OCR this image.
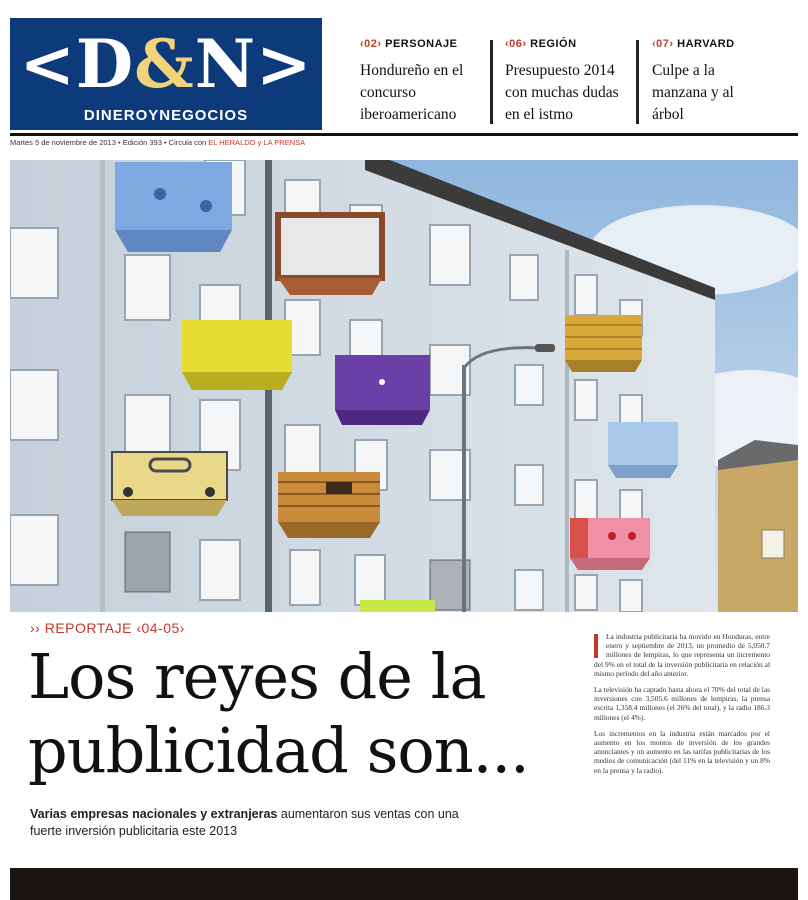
<D&N>
DINEROYNEGOCIOS
‹02› PERSONAJE
Hondureño en el concurso iberoamericano
‹06› REGIÓN
Presupuesto 2014 con muchas dudas en el istmo
‹07› HARVARD
Culpe a la manzana y al árbol
Martes 5 de noviembre de 2013 • Edición 393 • Circula con EL HERALDO y LA PRENSA
›› REPORTAJE ‹04-05›
Los reyes de la
publicidad son...
Varias empresas nacionales y extranjeras aumentaron sus ventas con una fuerte inversión publicitaria este 2013

La industria publicitaria ha movido en Honduras, entre enero y septiembre de 2013, un promedio de 5,050.7 millones de lempiras, lo que representa un incremento del 9% en el total de la inversión publicitaria en relación al mismo período del año anterior.

La televisión ha captado hasta ahora el 70% del total de las inversiones con 3,505.6 millones de lempiras, la prensa escrita 1,358.4 millones (el 26% del total), y la radio 186.3 millones (el 4%).

Los incrementos en la industria están marcados por el aumento en los montos de inversión de los grandes anunciantes y un aumento en las tarifas publicitarias de los medios de comunicación (del 11% en la televisión y un 8% en la prensa y la radio).
